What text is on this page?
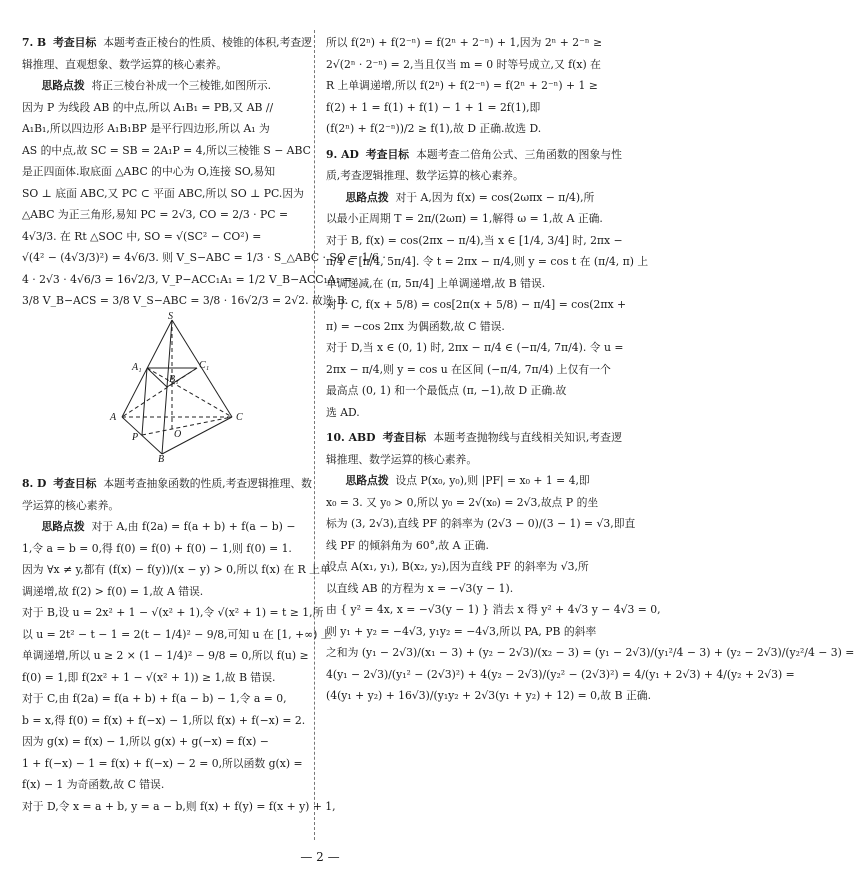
7. B 考查目标 本题考查正棱台的性质、棱锥的体积,考查逻辑推理、直观想象、数学运算的核心素养。
思路点拨 将正三棱台补成一个三棱锥,如图所示.
因为 P 为线段 AB 的中点,所以 A₁B₁ = PB,又 AB //
A₁B₁,所以四边形 A₁B₁BP 是平行四边形,所以 A₁ 为
AS 的中点,故 SC = SB = 2A₁P = 4,所以三棱锥 S − ABC
是正四面体.取底面 △ABC 的中心为 O,连接 SO,易知
SO ⊥ 底面 ABC,又 PC ⊂ 平面 ABC,所以 SO ⊥ PC.因为
△ABC 为正三角形,易知 PC = 2√3, CO = 2/3 · PC =
4√3/3. 在 Rt △SOC 中, SO = √(SC² − CO²) =
√(4² − (4√3/3)²) = 4√6/3. 则 V_S−ABC = 1/3 · S_△ABC · SO = 1/6 ·
4 · 2√3 · 4√6/3 = 16√2/3, V_P−ACC₁A₁ = 1/2 V_B−ACC₁A₁ =
3/8 V_B−ACS = 3/8 V_S−ABC = 3/8 · 16√2/3 = 2√2. 故选 B.
S
A₁
B₁
C₁
A
B
C
P	O
8. D 考查目标 本题考查抽象函数的性质,考查逻辑推理、数学运算的核心素养。
思路点拨 对于 A,由 f(2a) = f(a + b) + f(a − b) −
1,令 a = b = 0,得 f(0) = f(0) + f(0) − 1,则 f(0) = 1.
因为 ∀x ≠ y,都有 (f(x) − f(y))/(x − y) > 0,所以 f(x) 在 R 上单
调递增,故 f(2) > f(0) = 1,故 A 错误.
对于 B,设 u = 2x² + 1 − √(x² + 1),令 √(x² + 1) = t ≥ 1,所
以 u = 2t² − t − 1 = 2(t − 1/4)² − 9/8,可知 u 在 [1, +∞) 上
单调递增,所以 u ≥ 2 × (1 − 1/4)² − 9/8 = 0,所以 f(u) ≥
f(0) = 1,即 f(2x² + 1 − √(x² + 1)) ≥ 1,故 B 错误.
对于 C,由 f(2a) = f(a + b) + f(a − b) − 1,令 a = 0,
b = x,得 f(0) = f(x) + f(−x) − 1,所以 f(x) + f(−x) = 2.
因为 g(x) = f(x) − 1,所以 g(x) + g(−x) = f(x) −
1 + f(−x) − 1 = f(x) + f(−x) − 2 = 0,所以函数 g(x) =
f(x) − 1 为奇函数,故 C 错误.
对于 D,令 x = a + b, y = a − b,则 f(x) + f(y) = f(x + y) + 1,
所以 f(2ⁿ) + f(2⁻ⁿ) = f(2ⁿ + 2⁻ⁿ) + 1,因为 2ⁿ + 2⁻ⁿ ≥
2√(2ⁿ · 2⁻ⁿ) = 2,当且仅当 m = 0 时等号成立,又 f(x) 在
R 上单调递增,所以 f(2ⁿ) + f(2⁻ⁿ) = f(2ⁿ + 2⁻ⁿ) + 1 ≥
f(2) + 1 = f(1) + f(1) − 1 + 1 = 2f(1),即
(f(2ⁿ) + f(2⁻ⁿ))/2 ≥ f(1),故 D 正确.故选 D.
9. AD 考查目标 本题考查二倍角公式、三角函数的图象与性质,考查逻辑推理、数学运算的核心素养。
思路点拨 对于 A,因为 f(x) = cos(2ωπx − π/4),所
以最小正周期 T = 2π/(2ωπ) = 1,解得 ω = 1,故 A 正确.
对于 B, f(x) = cos(2πx − π/4),当 x ∈ [1/4, 3/4] 时, 2πx −
π/4 ∈ [π/4, 5π/4]. 令 t = 2πx − π/4,则 y = cos t 在 (π/4, π) 上
单调递减,在 (π, 5π/4] 上单调递增,故 B 错误.
对于 C, f(x + 5/8) = cos[2π(x + 5/8) − π/4] = cos(2πx +
π) = −cos 2πx 为偶函数,故 C 错误.
对于 D,当 x ∈ (0, 1) 时, 2πx − π/4 ∈ (−π/4, 7π/4). 令 u =
2πx − π/4,则 y = cos u 在区间 (−π/4, 7π/4) 上仅有一个
最高点 (0, 1) 和一个最低点 (π, −1),故 D 正确.故
选 AD.
10. ABD 考查目标 本题考查抛物线与直线相关知识,考查逻辑推理、数学运算的核心素养。
思路点拨 设点 P(x₀, y₀),则 |PF| = x₀ + 1 = 4,即
x₀ = 3. 又 y₀ > 0,所以 y₀ = 2√(x₀) = 2√3,故点 P 的坐
标为 (3, 2√3),直线 PF 的斜率为 (2√3 − 0)/(3 − 1) = √3,即直
线 PF 的倾斜角为 60°,故 A 正确.
设点 A(x₁, y₁), B(x₂, y₂),因为直线 PF 的斜率为 √3,所
以直线 AB 的方程为 x = −√3(y − 1).
由 { y² = 4x, x = −√3(y − 1) } 消去 x 得 y² + 4√3 y − 4√3 = 0,
则 y₁ + y₂ = −4√3, y₁y₂ = −4√3,所以 PA, PB 的斜率
之和为 (y₁ − 2√3)/(x₁ − 3) + (y₂ − 2√3)/(x₂ − 3) = (y₁ − 2√3)/(y₁²/4 − 3) + (y₂ − 2√3)/(y₂²/4 − 3) =
4(y₁ − 2√3)/(y₁² − (2√3)²) + 4(y₂ − 2√3)/(y₂² − (2√3)²) = 4/(y₁ + 2√3) + 4/(y₂ + 2√3) =
(4(y₁ + y₂) + 16√3)/(y₁y₂ + 2√3(y₁ + y₂) + 12) = 0,故 B 正确.
— 2 —
